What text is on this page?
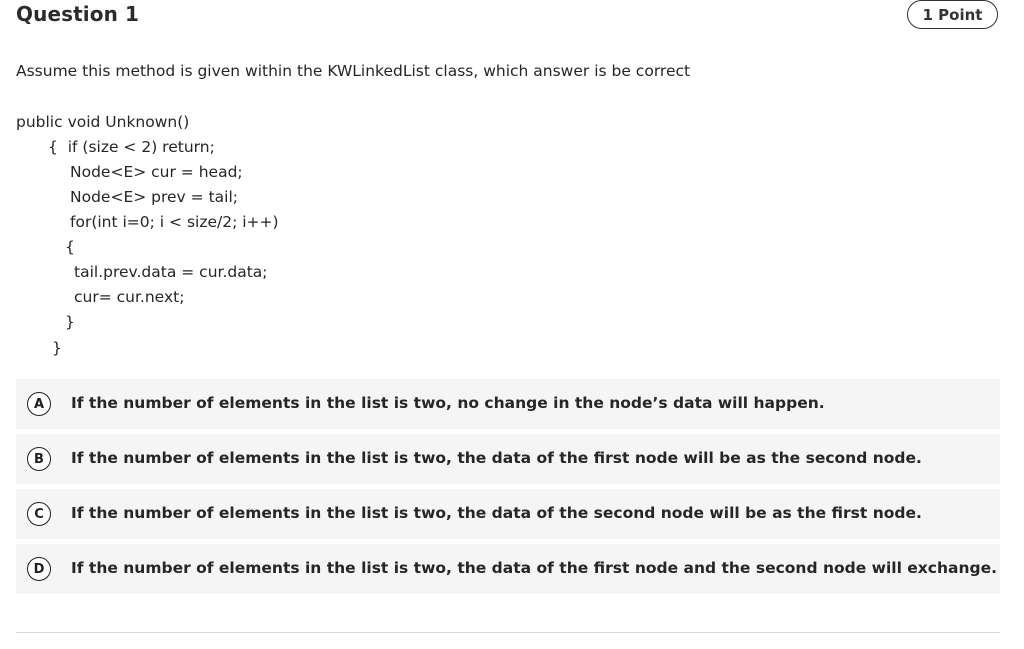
Question 1	1 Point
Assume this method is given within the KWLinkedList class, which answer is be correct
public void Unknown()
{  if (size < 2) return;
Node<E> cur = head;
Node<E> prev = tail;
for(int i=0; i < size/2; i++)
{
tail.prev.data = cur.data;
cur= cur.next;
}
}
A	If the number of elements in the list is two, no change in the node’s data will happen.
B	If the number of elements in the list is two, the data of the first node will be as the second node.
C	If the number of elements in the list is two, the data of the second node will be as the first node.
D	If the number of elements in the list is two, the data of the first node and the second node will exchange.
